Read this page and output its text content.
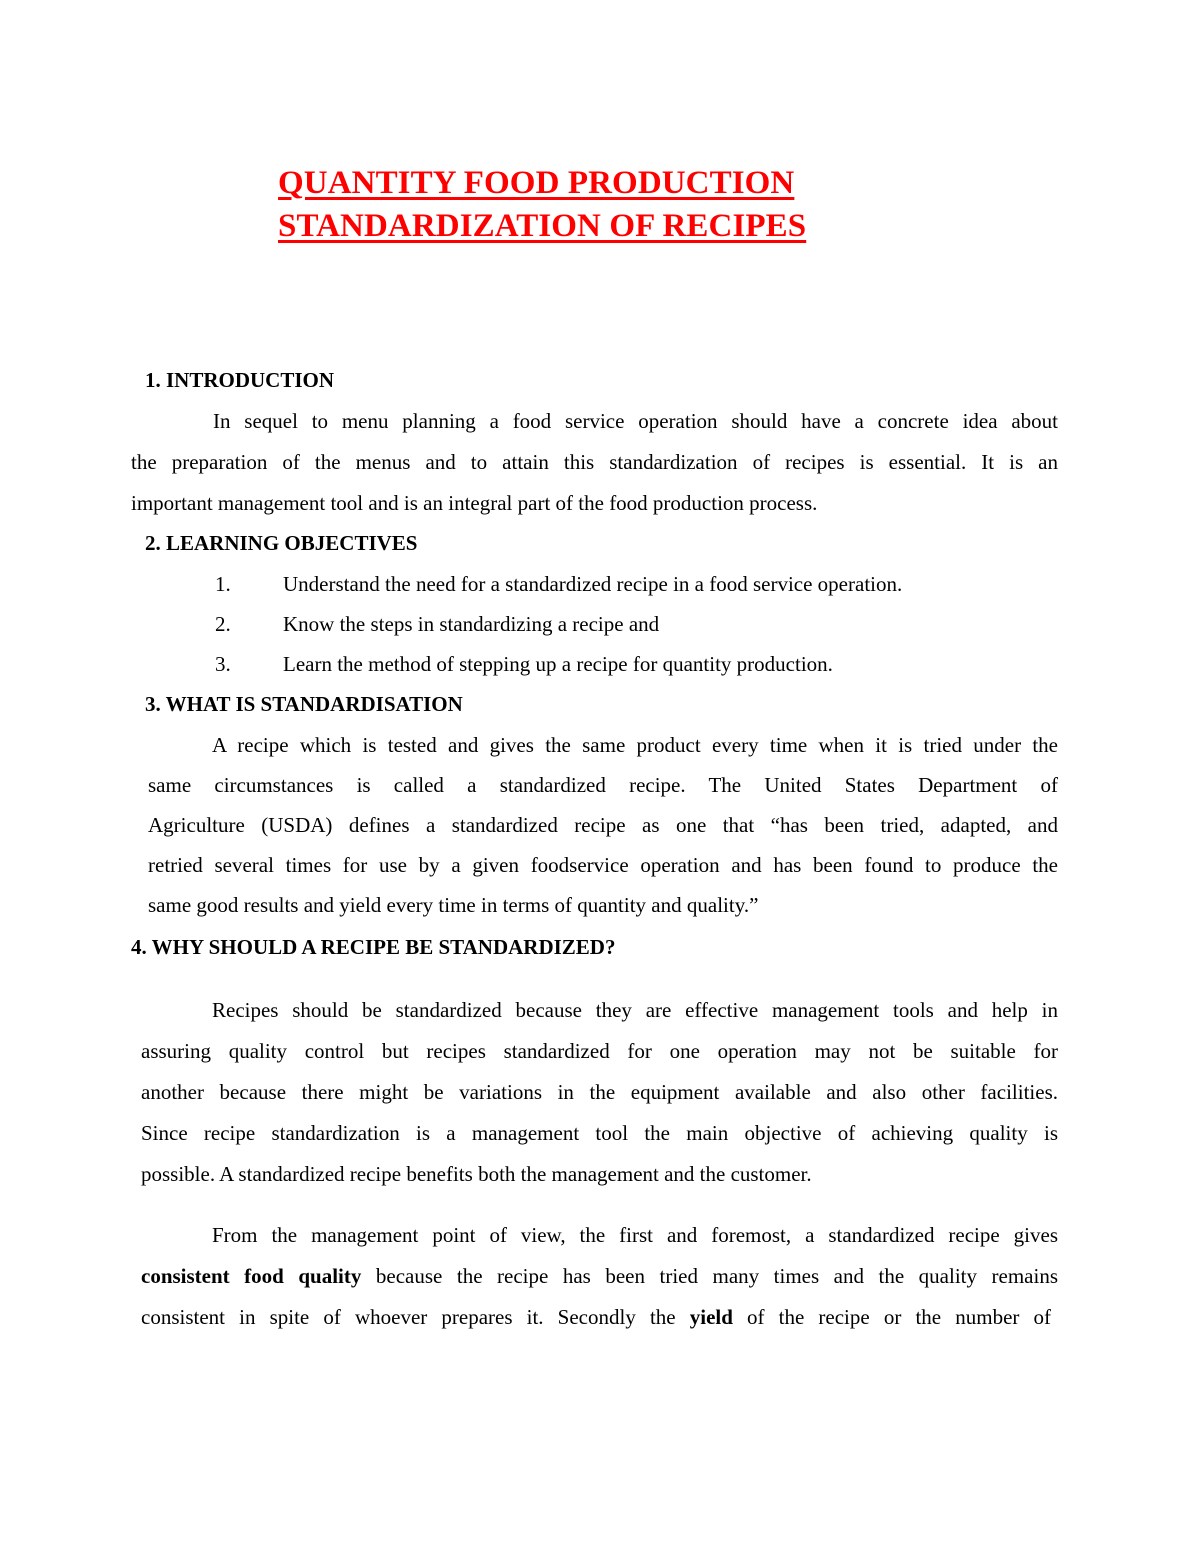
QUANTITY FOOD PRODUCTION
STANDARDIZATION OF RECIPES
1. INTRODUCTION
In sequel to menu planning a food service operation should have a concrete idea about
the preparation of the menus and to attain this standardization of recipes is essential. It is an
important management tool and is an integral part of the food production process.
2. LEARNING OBJECTIVES
1. Understand the need for a standardized recipe in a food service operation.
2. Know the steps in standardizing a recipe and
3. Learn the method of stepping up a recipe for quantity production.
3. WHAT IS STANDARDISATION
A recipe which is tested and gives the same product every time when it is tried under the
same circumstances is called a standardized recipe. The United States Department of
Agriculture (USDA) defines a standardized recipe as one that “has been tried, adapted, and
retried several times for use by a given foodservice operation and has been found to produce the
same good results and yield every time in terms of quantity and quality.”
4. WHY SHOULD A RECIPE BE STANDARDIZED?
Recipes should be standardized because they are effective management tools and help in
assuring quality control but recipes standardized for one operation may not be suitable for
another because there might be variations in the equipment available and also other facilities.
Since recipe standardization is a management tool the main objective of achieving quality is
possible. A standardized recipe benefits both the management and the customer.
From the management point of view, the first and foremost, a standardized recipe gives
consistent food quality because the recipe has been tried many times and the quality remains
consistent in spite of whoever prepares it. Secondly the yield of the recipe or the number of
